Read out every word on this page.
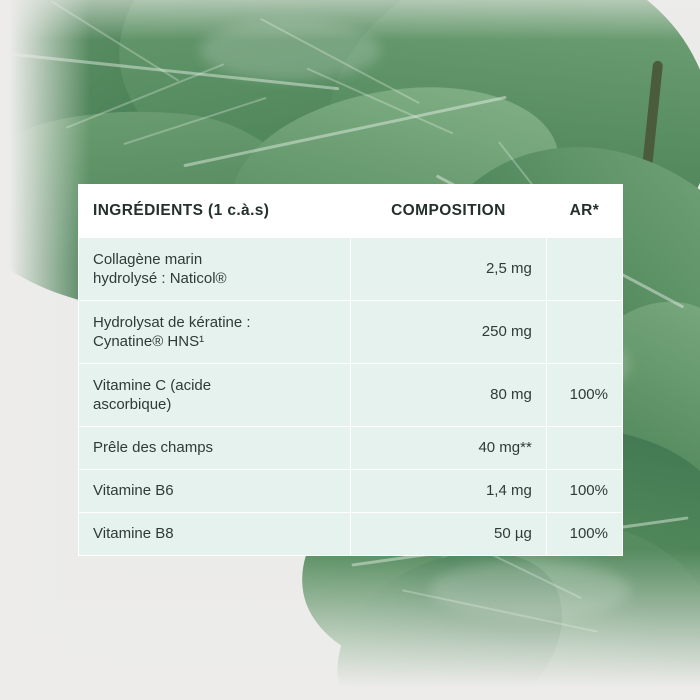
INGRÉDIENTS (1 c.à.s)	COMPOSITION	AR*
Collagène marin
hydrolysé : Naticol®	2,5 mg	
Hydrolysat de kératine :
Cynatine® HNS¹	250 mg	
Vitamine C (acide
ascorbique)	80 mg	100%
Prêle des champs	40 mg**	
Vitamine B6	1,4 mg	100%
Vitamine B8	50 µg	100%
